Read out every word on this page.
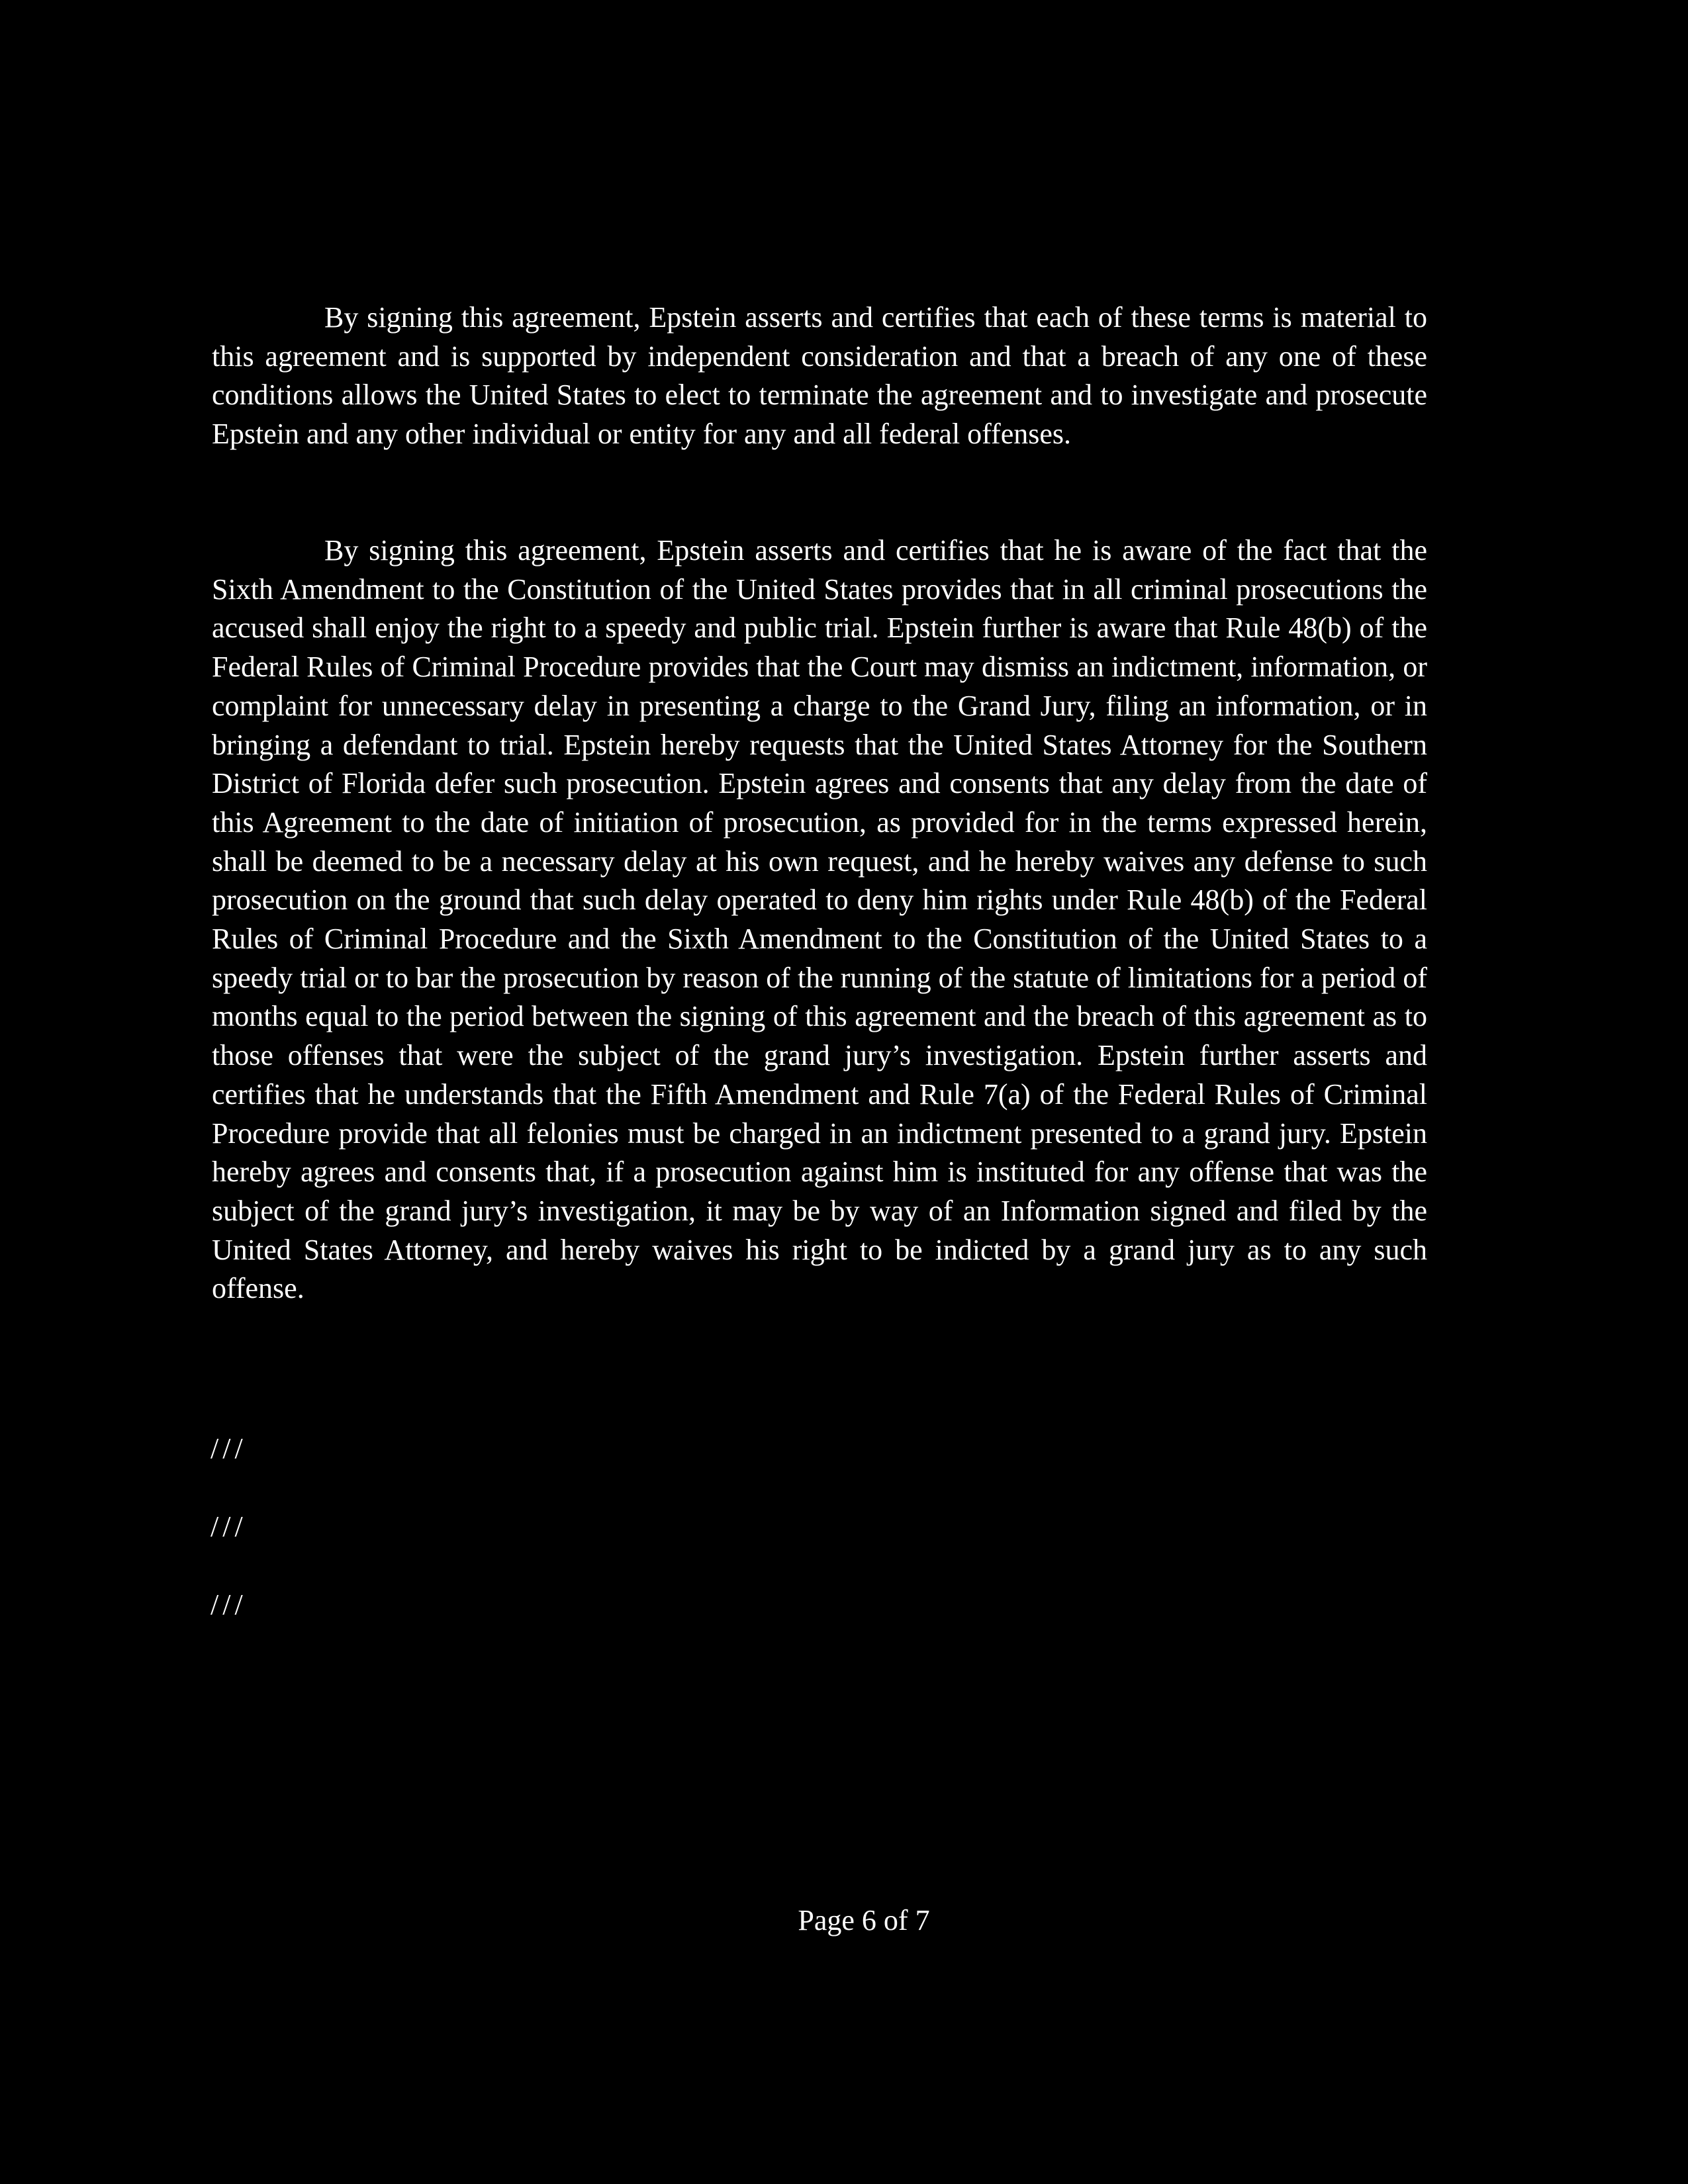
By signing this agreement, Epstein asserts and certifies that each of these terms is material to this agreement and is supported by independent consideration and that a breach of any one of these conditions allows the United States to elect to terminate the agreement and to investigate and prosecute Epstein and any other individual or entity for any and all federal offenses.

By signing this agreement, Epstein asserts and certifies that he is aware of the fact that the Sixth Amendment to the Constitution of the United States provides that in all criminal prosecutions the accused shall enjoy the right to a speedy and public trial. Epstein further is aware that Rule 48(b) of the Federal Rules of Criminal Procedure provides that the Court may dismiss an indictment, information, or complaint for unnecessary delay in presenting a charge to the Grand Jury, filing an information, or in bringing a defendant to trial. Epstein hereby requests that the United States Attorney for the Southern District of Florida defer such prosecution. Epstein agrees and consents that any delay from the date of this Agreement to the date of initiation of prosecution, as provided for in the terms expressed herein, shall be deemed to be a necessary delay at his own request, and he hereby waives any defense to such prosecution on the ground that such delay operated to deny him rights under Rule 48(b) of the Federal Rules of Criminal Procedure and the Sixth Amendment to the Constitution of the United States to a speedy trial or to bar the prosecution by reason of the running of the statute of limitations for a period of months equal to the period between the signing of this agreement and the breach of this agreement as to those offenses that were the subject of the grand jury’s investigation. Epstein further asserts and certifies that he understands that the Fifth Amendment and Rule 7(a) of the Federal Rules of Criminal Procedure provide that all felonies must be charged in an indictment presented to a grand jury. Epstein hereby agrees and consents that, if a prosecution against him is instituted for any offense that was the subject of the grand jury’s investigation, it may be by way of an Information signed and filed by the United States Attorney, and hereby waives his right to be indicted by a grand jury as to any such offense.

///

///

///

Page 6 of 7
